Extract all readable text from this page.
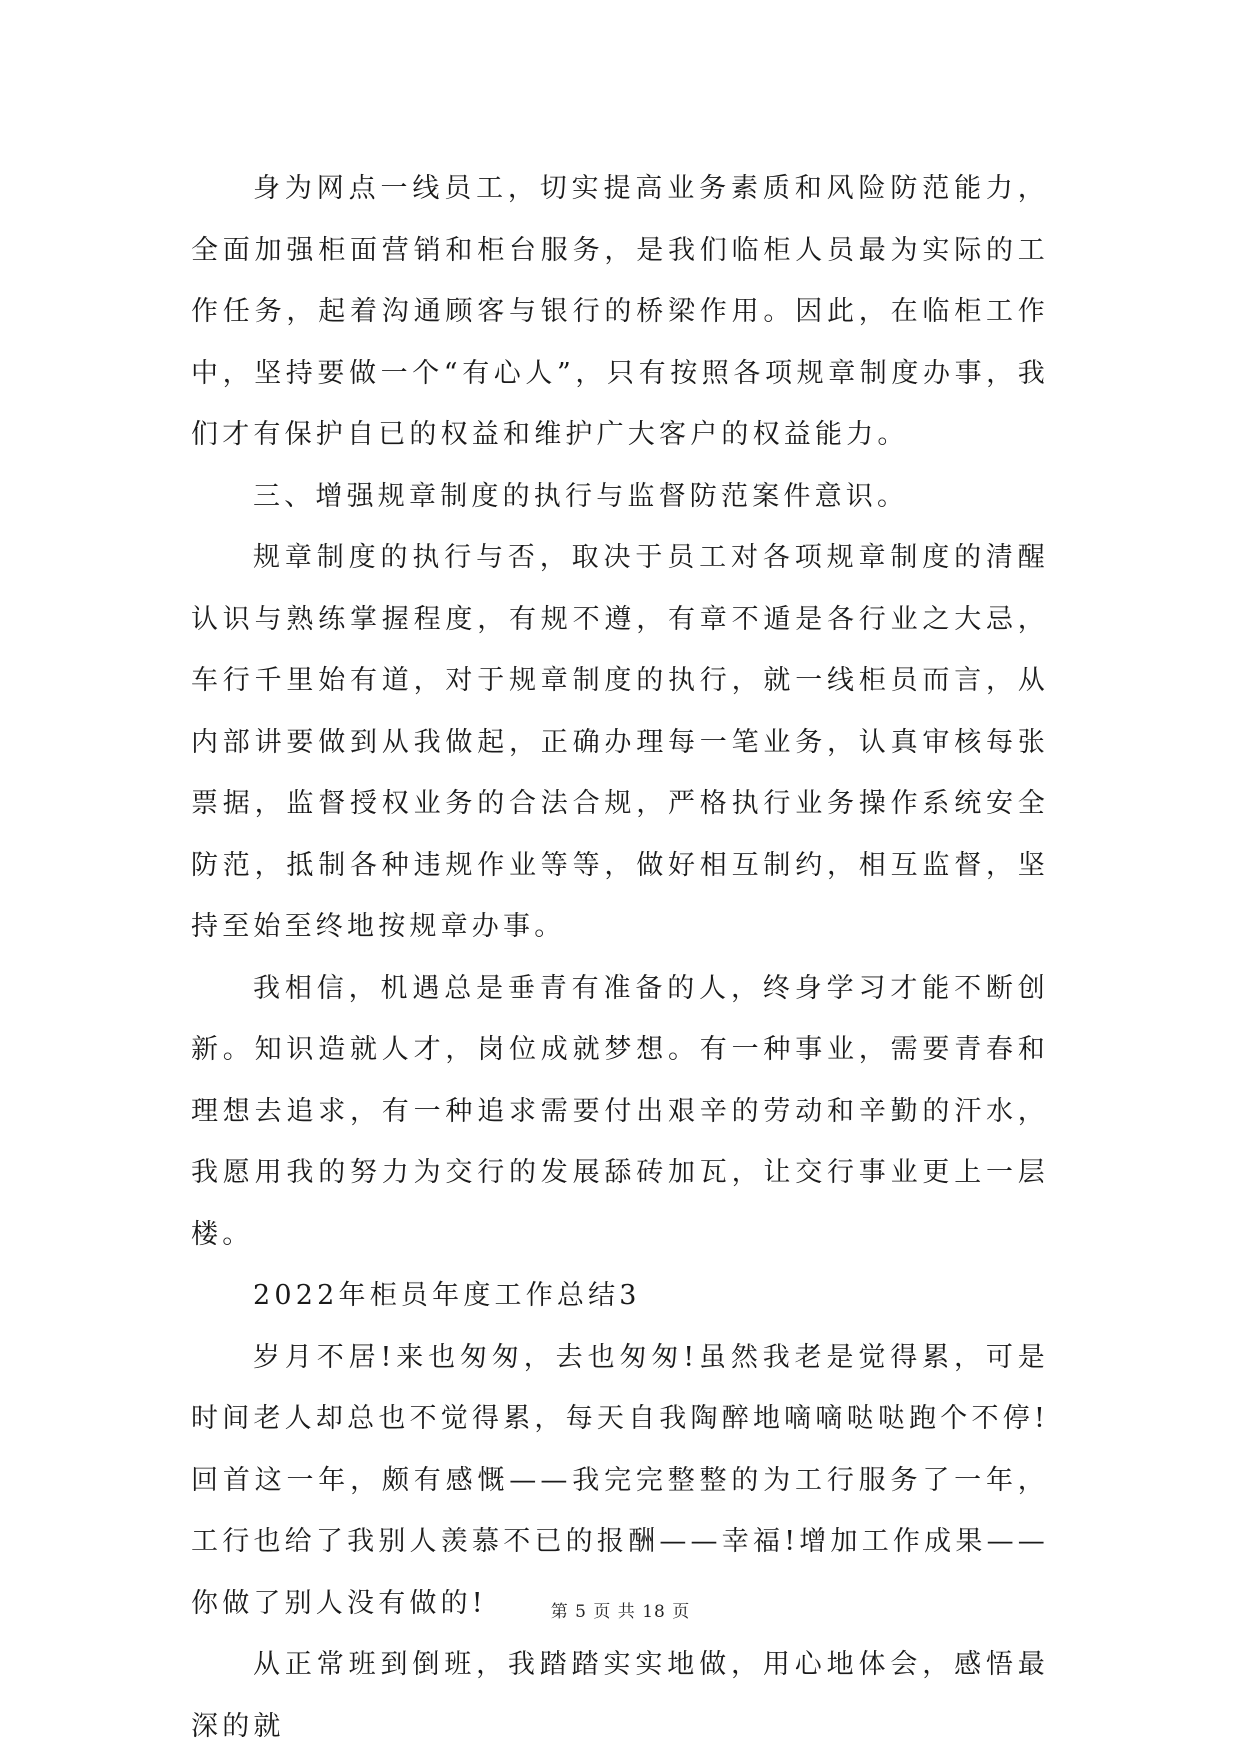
身为网点一线员工，切实提高业务素质和风险防范能力，全面加强柜面营销和柜台服务，是我们临柜人员最为实际的工作任务，起着沟通顾客与银行的桥梁作用。因此，在临柜工作中，坚持要做一个“有心人”，只有按照各项规章制度办事，我们才有保护自已的权益和维护广大客户的权益能力。

三、增强规章制度的执行与监督防范案件意识。

规章制度的执行与否，取决于员工对各项规章制度的清醒认识与熟练掌握程度，有规不遵，有章不遁是各行业之大忌，车行千里始有道，对于规章制度的执行，就一线柜员而言，从内部讲要做到从我做起，正确办理每一笔业务，认真审核每张票据，监督授权业务的合法合规，严格执行业务操作系统安全防范，抵制各种违规作业等等，做好相互制约，相互监督，坚持至始至终地按规章办事。

我相信，机遇总是垂青有准备的人，终身学习才能不断创新。知识造就人才，岗位成就梦想。有一种事业，需要青春和理想去追求，有一种追求需要付出艰辛的劳动和辛勤的汗水，我愿用我的努力为交行的发展舔砖加瓦，让交行事业更上一层楼。

2022年柜员年度工作总结3

岁月不居!来也匆匆，去也匆匆!虽然我老是觉得累，可是时间老人却总也不觉得累，每天自我陶醉地嘀嘀哒哒跑个不停!回首这一年，颇有感慨——我完完整整的为工行服务了一年，工行也给了我别人羡慕不已的报酬——幸福!增加工作成果——你做了别人没有做的!

从正常班到倒班，我踏踏实实地做，用心地体会，感悟最深的就

第 5 页 共 18 页
